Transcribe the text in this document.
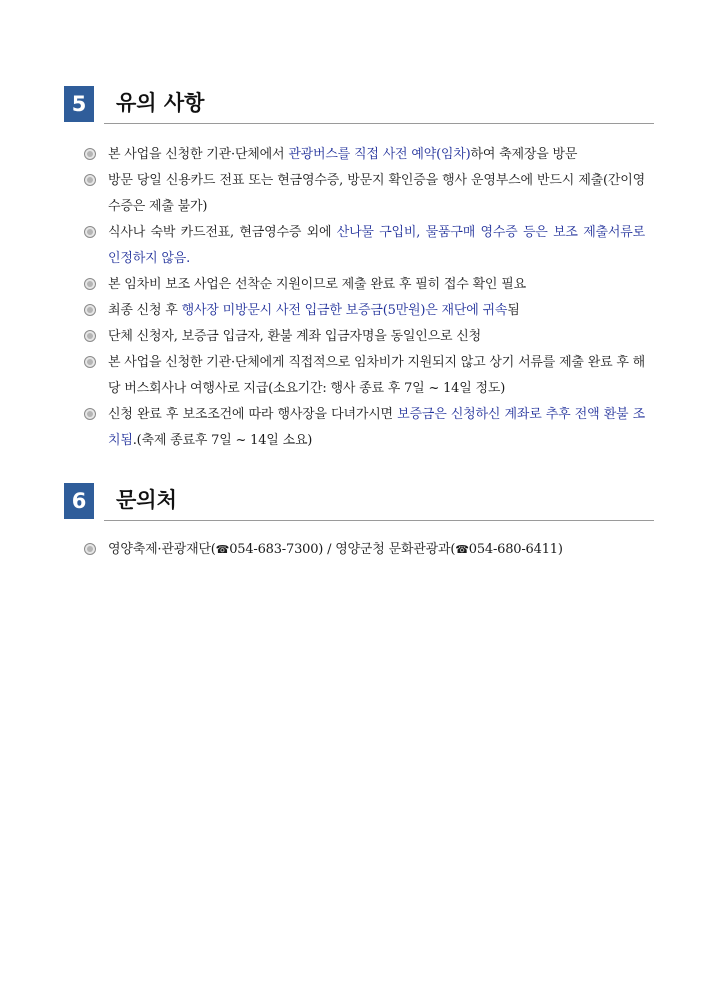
5	유의 사항
본 사업을 신청한 기관·단체에서 관광버스를 직접 사전 예약(임차)하여 축제장을 방문
방문 당일 신용카드 전표 또는 현금영수증, 방문지 확인증을 행사 운영부스에 반드시 제출(간이영수증은 제출 불가)
식사나 숙박 카드전표, 현금영수증 외에 산나물 구입비, 물품구매 영수증 등은 보조 제출서류로 인정하지 않음.
본 임차비 보조 사업은 선착순 지원이므로 제출 완료 후 필히 접수 확인 필요
최종 신청 후 행사장 미방문시 사전 입금한 보증금(5만원)은 재단에 귀속됨
단체 신청자, 보증금 입금자, 환불 계좌 입금자명을 동일인으로 신청
본 사업을 신청한 기관·단체에게 직접적으로 임차비가 지원되지 않고 상기 서류를 제출 완료 후 해당 버스회사나 여행사로 지급(소요기간: 행사 종료 후 7일 ~ 14일 정도)
신청 완료 후 보조조건에 따라 행사장을 다녀가시면 보증금은 신청하신 계좌로 추후 전액 환불 조치됨.(축제 종료후 7일 ~ 14일 소요)
6	문의처
영양축제·관광재단(☎054-683-7300) / 영양군청 문화관광과(☎054-680-6411)
